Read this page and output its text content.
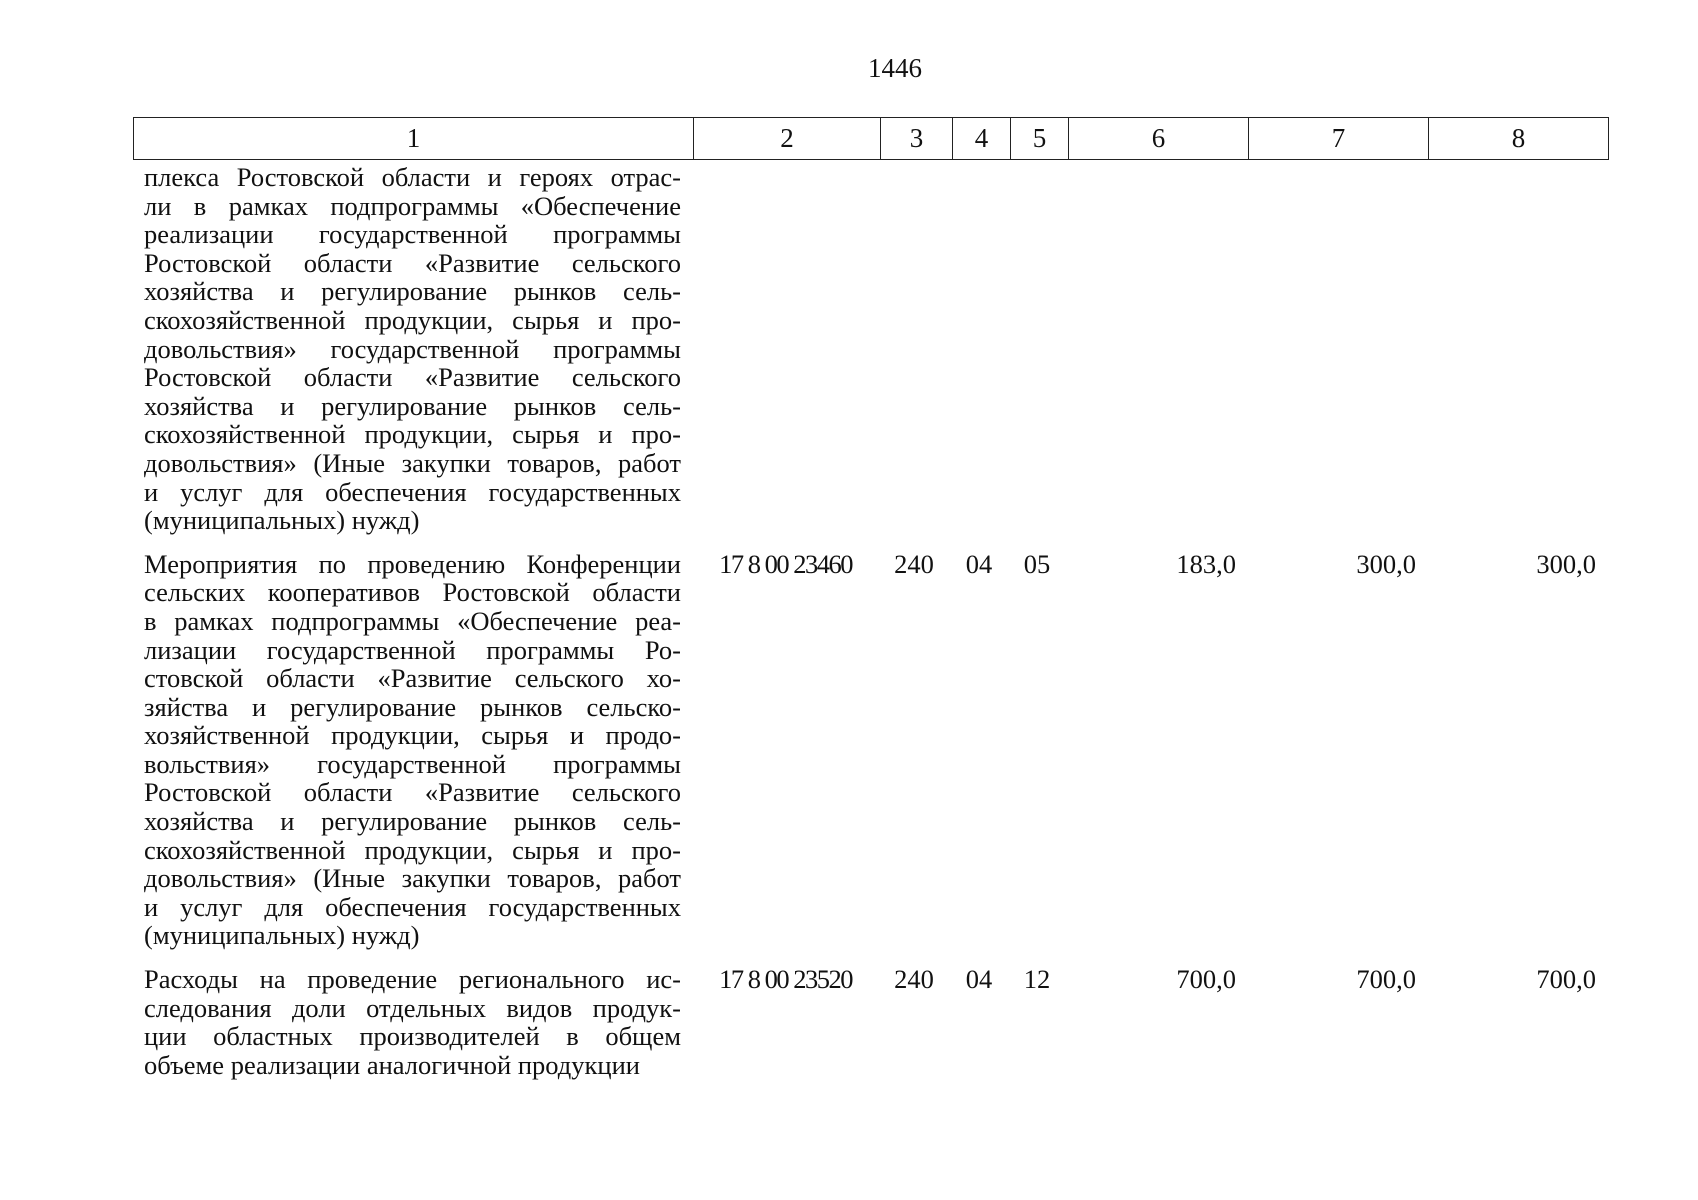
1446
1	2	3	4	5	6	7	8
плекса Ростовской области и героях отрас-
ли в рамках подпрограммы «Обеспечение
реализации государственной программы
Ростовской области «Развитие сельского
хозяйства и регулирование рынков сель-
скохозяйственной продукции, сырья и про-
довольствия» государственной программы
Ростовской области «Развитие сельского
хозяйства и регулирование рынков сель-
скохозяйственной продукции, сырья и про-
довольствия» (Иные закупки товаров, работ
и услуг для обеспечения государственных
(муниципальных) нужд)
Мероприятия по проведению Конференции
сельских кооперативов Ростовской области
в рамках подпрограммы «Обеспечение реа-
лизации государственной программы Ро-
стовской области «Развитие сельского хо-
зяйства и регулирование рынков сельско-
хозяйственной продукции, сырья и продо-
вольствия» государственной программы
Ростовской области «Развитие сельского
хозяйства и регулирование рынков сель-
скохозяйственной продукции, сырья и про-
довольствия» (Иные закупки товаров, работ
и услуг для обеспечения государственных
(муниципальных) нужд)
17 8 00 23460	240	04	05	183,0	300,0	300,0
Расходы на проведение регионального ис-
следования доли отдельных видов продук-
ции областных производителей в общем
объеме реализации аналогичной продукции
17 8 00 23520	240	04	12	700,0	700,0	700,0
